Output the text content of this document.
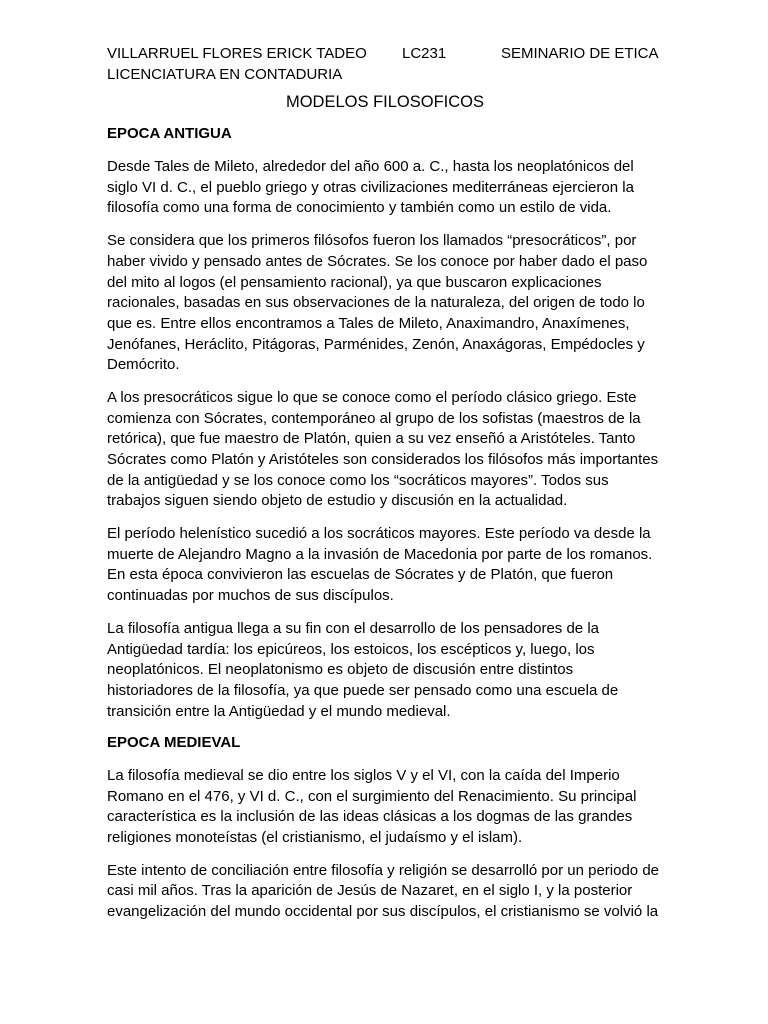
VILLARRUEL FLORES ERICK TADEO LC231	SEMINARIO DE ETICA
LICENCIATURA EN CONTADURIA
MODELOS FILOSOFICOS
EPOCA ANTIGUA

Desde Tales de Mileto, alrededor del año 600 a. C., hasta los neoplatónicos del
siglo VI d. C., el pueblo griego y otras civilizaciones mediterráneas ejercieron la
filosofía como una forma de conocimiento y también como un estilo de vida.

Se considera que los primeros filósofos fueron los llamados “presocráticos”, por
haber vivido y pensado antes de Sócrates. Se los conoce por haber dado el paso
del mito al logos (el pensamiento racional), ya que buscaron explicaciones
racionales, basadas en sus observaciones de la naturaleza, del origen de todo lo
que es. Entre ellos encontramos a Tales de Mileto, Anaximandro, Anaxímenes,
Jenófanes, Heráclito, Pitágoras, Parménides, Zenón, Anaxágoras, Empédocles y
Demócrito.

A los presocráticos sigue lo que se conoce como el período clásico griego. Este
comienza con Sócrates, contemporáneo al grupo de los sofistas (maestros de la
retórica), que fue maestro de Platón, quien a su vez enseñó a Aristóteles. Tanto
Sócrates como Platón y Aristóteles son considerados los filósofos más importantes
de la antigüedad y se los conoce como los “socráticos mayores”. Todos sus
trabajos siguen siendo objeto de estudio y discusión en la actualidad.

El período helenístico sucedió a los socráticos mayores. Este período va desde la
muerte de Alejandro Magno a la invasión de Macedonia por parte de los romanos.
En esta época convivieron las escuelas de Sócrates y de Platón, que fueron
continuadas por muchos de sus discípulos.

La filosofía antigua llega a su fin con el desarrollo de los pensadores de la
Antigüedad tardía: los epicúreos, los estoicos, los escépticos y, luego, los
neoplatónicos. El neoplatonismo es objeto de discusión entre distintos
historiadores de la filosofía, ya que puede ser pensado como una escuela de
transición entre la Antigüedad y el mundo medieval.

EPOCA MEDIEVAL

La filosofía medieval se dio entre los siglos V y el VI, con la caída del Imperio
Romano en el 476, y VI d. C., con el surgimiento del Renacimiento. Su principal
característica es la inclusión de las ideas clásicas a los dogmas de las grandes
religiones monoteístas (el cristianismo, el judaísmo y el islam).

Este intento de conciliación entre filosofía y religión se desarrolló por un periodo de
casi mil años. Tras la aparición de Jesús de Nazaret, en el siglo I, y la posterior
evangelización del mundo occidental por sus discípulos, el cristianismo se volvió la
